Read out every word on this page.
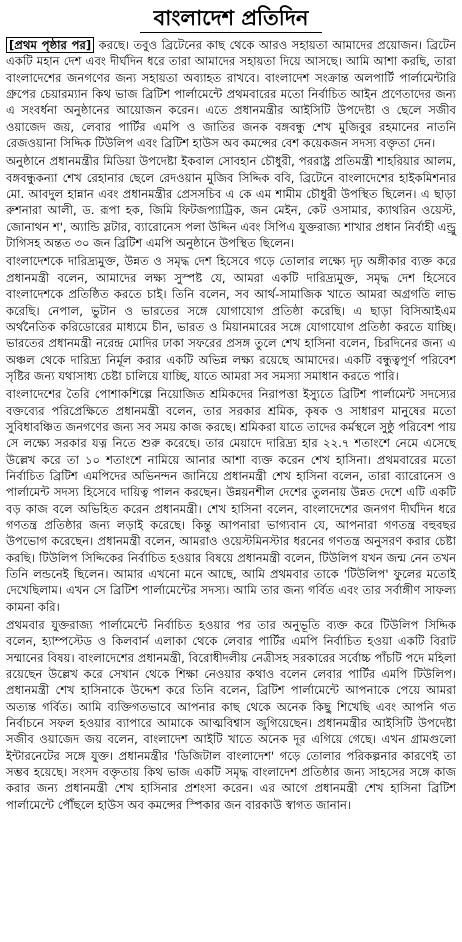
বাংলাদেশ প্রতিদিন

[প্রথম পৃষ্ঠার পর] করছে। তবুও ব্রিটেনের কাছ থেকে আরও সহায়তা আমাদের প্রয়োজন। ব্রিটেন একটি মহান দেশ এবং দীর্ঘদিন ধরে তারা আমাদের সহায়তা দিয়ে আসছে। আমি আশা করছি, তারা বাংলাদেশের জনগণের জন্য সহায়তা অব্যাহত রাখবে। বাংলাদেশ সংক্রান্ত অলপার্টি পার্লামেন্টারি গ্রুপের চেয়ারম্যান কিথ ভাজ ব্রিটিশ পার্লামেন্টে প্রথমবারের মতো নির্বাচিত আইন প্রণেতাদের জন্য এ সংবর্ধনা অনুষ্ঠানের আয়োজন করেন। এতে প্রধানমন্ত্রীর আইসিটি উপদেষ্টা ও ছেলে সজীব ওয়াজেদ জয়, লেবার পার্টির এমপি ও জাতির জনক বঙ্গবন্ধু শেখ মুজিবুর রহমানের নাতনি রেজওয়ানা সিদ্দিক টিউলিপ এবং ব্রিটিশ হাউস অব কমন্সের বেশ কয়েকজন সদস্য বক্তৃতা দেন।

অনুষ্ঠানে প্রধানমন্ত্রীর মিডিয়া উপদেষ্টা ইকবাল সোবহান চৌধুরী, পররাষ্ট্র প্রতিমন্ত্রী শাহরিয়ার আলম, বঙ্গবন্ধুকন্যা শেখ রেহানার ছেলে রেদওয়ান মুজিব সিদ্দিক ববি, ব্রিটেনে বাংলাদেশের হাইকমিশনার মো. আবদুল হান্নান এবং প্রধানমন্ত্রীর প্রেসসচিব এ কে এম শামীম চৌধুরী উপস্থিত ছিলেন। এ ছাড়া রুশনারা আলী, ড. রূপা হক, জিমি ফিটজপ্যাট্রিক, জন মেইন, কেট ওসামার, ক্যাথরিন ওয়েস্ট, জোনাথন শ', অ্যান্ডি স্লটার, ব্যারোনেস পলা উদ্দিন এবং সিপিএ যুক্তরাজ্য শাখার প্রধান নির্বাহী এন্ড্রু টাগিসহ অন্তত ৩০ জন ব্রিটিশ এমপি অনুষ্ঠানে উপস্থিত ছিলেন।

বাংলাদেশকে দারিদ্র্যমুক্ত, উন্নত ও সমৃদ্ধ দেশ হিসেবে গড়ে তোলার লক্ষ্যে দৃঢ় অঙ্গীকার ব্যক্ত করে প্রধানমন্ত্রী বলেন, আমাদের লক্ষ্য সুস্পষ্ট যে, আমরা একটি দারিদ্র্যমুক্ত, সমৃদ্ধ দেশ হিসেবে বাংলাদেশকে প্রতিষ্ঠিত করতে চাই। তিনি বলেন, সব আর্থ-সামাজিক খাতে আমরা অগ্রগতি লাভ করেছি। নেপাল, ভুটান ও ভারতের সঙ্গে যোগাযোগ প্রতিষ্ঠা করেছি। এ ছাড়া বিসিআইএম অর্থনৈতিক করিডোরের মাধ্যমে চীন, ভারত ও মিয়ানমারের সঙ্গে যোগাযোগ প্রতিষ্ঠা করতে যাচ্ছি। ভারতের প্রধানমন্ত্রী নরেন্দ্র মোদির ঢাকা সফরের প্রসঙ্গ তুলে শেখ হাসিনা বলেন, চিরদিনের জন্য এ অঞ্চল থেকে দারিদ্র্য নির্মূল করার একটি অভিন্ন লক্ষ্য রয়েছে আমাদের। একটি বন্ধুত্বপূর্ণ পরিবেশ সৃষ্টির জন্য যথাসাধ্য চেষ্টা চালিয়ে যাচ্ছি, যাতে আমরা সব সমস্যা সমাধান করতে পারি।

বাংলাদেশের তৈরি পোশাকশিল্পে নিয়োজিত শ্রমিকদের নিরাপত্তা ইস্যুতে ব্রিটিশ পার্লামেন্ট সদস্যের বক্তব্যের পরিপ্রেক্ষিতে প্রধানমন্ত্রী বলেন, তার সরকার শ্রমিক, কৃষক ও সাধারণ মানুষের মতো সুবিধাবঞ্চিত জনগণের জন্য সব সময় কাজ করছে। শ্রমিকরা যাতে তাদের কর্মস্থলে সুষ্ঠু পরিবেশ পায় সে লক্ষ্যে সরকার যত্ন নিতে শুরু করেছে। তার মেয়াদে দারিদ্র্য হার ২২.৭ শতাংশে নেমে এসেছে উল্লেখ করে তা ১০ শতাংশে নামিয়ে আনার আশা ব্যক্ত করেন শেখ হাসিনা। প্রথমবারের মতো নির্বাচিত ব্রিটিশ এমপিদের অভিনন্দন জানিয়ে প্রধানমন্ত্রী শেখ হাসিনা বলেন, তারা ব্যারোনেস ও পার্লামেন্ট সদস্য হিসেবে দায়িত্ব পালন করছেন। উন্নয়নশীল দেশের তুলনায় উন্নত দেশে এটি একটি বড় কাজ বলে অভিহিত করেন প্রধানমন্ত্রী। শেখ হাসিনা বলেন, বাংলাদেশের জনগণ দীর্ঘদিন ধরে গণতন্ত্র প্রতিষ্ঠার জন্য লড়াই করেছে। কিন্তু আপনারা ভাগ্যবান যে, আপনারা গণতন্ত্র বহুবছর উপভোগ করেছেন। প্রধানমন্ত্রী বলেন, আমরাও ওয়েস্টমিনস্টার ধরনের গণতন্ত্র অনুসরণ করার চেষ্টা করছি। টিউলিপ সিদ্দিকের নির্বাচিত হওয়ার বিষয়ে প্রধানমন্ত্রী বলেন, টিউলিপ যখন জন্ম নেন তখন তিনি লন্ডনেই ছিলেন। আমার এখনো মনে আছে, আমি প্রথমবার তাকে 'টিউলিপ' ফুলের মতোই দেখেছিলাম। এখন সে ব্রিটিশ পার্লামেন্টের সদস্য। আমি তার জন্য গর্বিত এবং তার সর্বাঙ্গীণ সাফল্য কামনা করি।

প্রথমবার যুক্তরাজ্য পার্লামেন্টে নির্বাচিত হওয়ার পর তার অনুভূতি ব্যক্ত করে টিউলিপ সিদ্দিক বলেন, হ্যাম্পস্টেড ও কিলবার্ন এলাকা থেকে লেবার পার্টির এমপি নির্বাচিত হওয়া একটি বিরাট সম্মানের বিষয়। বাংলাদেশের প্রধানমন্ত্রী, বিরোধীদলীয় নেত্রীসহ সরকারের সর্বোচ্চ পাঁচটি পদে মহিলা রয়েছেন উল্লেখ করে সেখান থেকে শিক্ষা নেওয়ার কথাও বলেন লেবার পার্টির এমপি টিউলিপ। প্রধানমন্ত্রী শেখ হাসিনাকে উদ্দেশ করে তিনি বলেন, ব্রিটিশ পার্লামেন্টে আপনাকে পেয়ে আমরা অত্যন্ত গর্বিত। আমি ব্যক্তিগতভাবে আপনার কাছ থেকে অনেক কিছু শিখেছি এবং আপনি গত নির্বাচনে সফল হওয়ার ব্যাপারে আমাকে আত্মবিশ্বাস জুগিয়েছেন। প্রধানমন্ত্রীর আইসিটি উপদেষ্টা সজীব ওয়াজেদ জয় বলেন, বাংলাদেশ আইটি খাতে অনেক দূর এগিয়ে গেছে। এখন গ্রামগুলো ইন্টারনেটের সঙ্গে যুক্ত। প্রধানমন্ত্রীর 'ডিজিটাল বাংলাদেশ' গড়ে তোলার পরিকল্পনার কারণেই তা সম্ভব হয়েছে। সংসদ বক্তৃতায় কিথ ভাজ একটি সমৃদ্ধ বাংলাদেশ প্রতিষ্ঠার জন্য সাহসের সঙ্গে কাজ করার জন্য প্রধানমন্ত্রী শেখ হাসিনার প্রশংসা করেন। এর আগে প্রধানমন্ত্রী শেখ হাসিনা ব্রিটিশ পার্লামেন্টে পৌঁছলে হাউস অব কমন্সের স্পিকার জন বারকাউ স্বাগত জানান।
